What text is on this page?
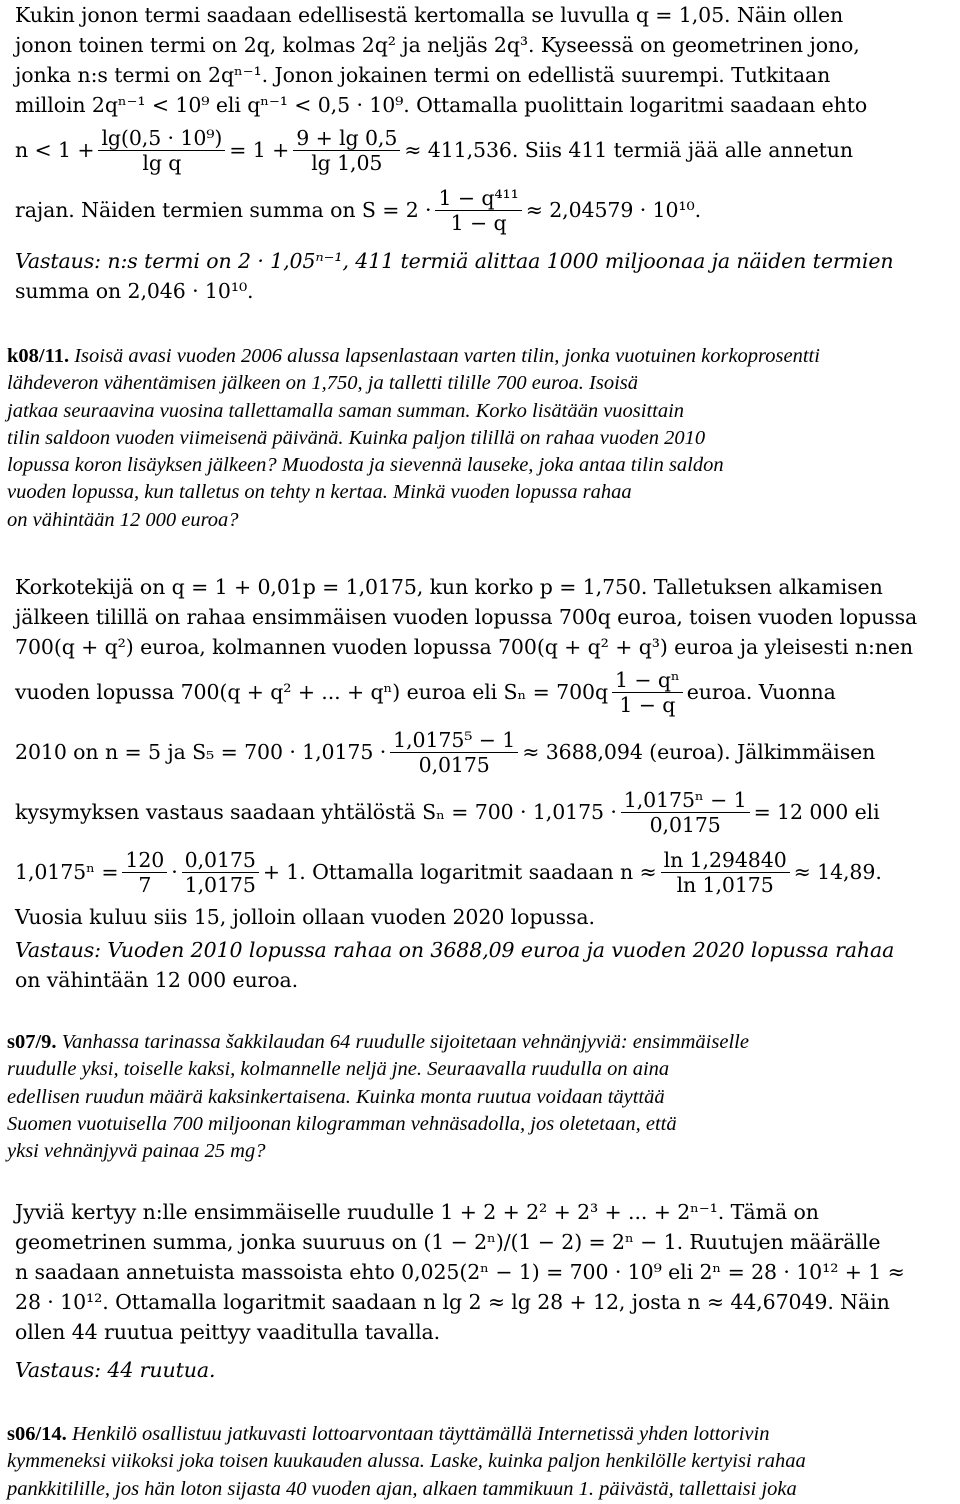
Kukin jonon termi saadaan edellisestä kertomalla se luvulla q = 1,05. Näin ollen
jonon toinen termi on 2q, kolmas 2q² ja neljäs 2q³. Kyseessä on geometrinen jono,
jonka n:s termi on 2qⁿ⁻¹. Jonon jokainen termi on edellistä suurempi. Tutkitaan
milloin 2qⁿ⁻¹ < 10⁹ eli qⁿ⁻¹ < 0,5 · 10⁹. Ottamalla puolittain logaritmi saadaan ehto
$n < 1 + \frac{\text{lg(0,5 · 10⁹)}}{\text{lg q}} = 1 + \frac{9 + \lg 0,5}{\lg 1,05} \approx 411,536$. Siis 411 termiä jää alle annetun
rajan. Näiden termien summa on $S = 2 \cdot \frac{\text{1 − q⁴¹¹}}{1 - q} \approx 2,04579 \cdot 10^{10}$.
Vastaus: n:s termi on 2 · 1,05ⁿ⁻¹, 411 termiä alittaa 1000 miljoonaa ja näiden termien
summa on 2,046 · 10¹⁰.
k08/11. Isoisä avasi vuoden 2006 alussa lapsenlastaan varten tilin, jonka vuotuinen korkoprosentti
lähdeveron vähentämisen jälkeen on 1,750, ja talletti tilille 700 euroa. Isoisä
jatkaa seuraavina vuosina tallettamalla saman summan. Korko lisätään vuosittain
tilin saldoon vuoden viimeisenä päivänä. Kuinka paljon tilillä on rahaa vuoden 2010
lopussa koron lisäyksen jälkeen? Muodosta ja sievennä lauseke, joka antaa tilin saldon
vuoden lopussa, kun talletus on tehty n kertaa. Minkä vuoden lopussa rahaa
on vähintään 12 000 euroa?
Korkotekijä on q = 1 + 0,01p = 1,0175, kun korko p = 1,750. Talletuksen alkamisen
jälkeen tilillä on rahaa ensimmäisen vuoden lopussa 700q euroa, toisen vuoden lopussa
700(q + q²) euroa, kolmannen vuoden lopussa 700(q + q² + q³) euroa ja yleisesti n:nen
vuoden lopussa 700(q + q² + ... + qⁿ) euroa eli $S_n = 700q \frac{\text{1 − qⁿ}}{1 - q}$ euroa. Vuonna
2010 on n = 5 ja $S_5 = 700 \cdot 1,0175 \cdot \frac{\text{1,0175⁵ − 1}}{0,0175} \approx 3688,094$ (euroa). Jälkimmäisen
kysymyksen vastaus saadaan yhtälöstä $S_n = 700 \cdot 1,0175 \cdot \frac{\text{1,0175ⁿ − 1}}{0,0175} = 12$ 000 eli
$1,0175^n = \frac{120}{7} \cdot \frac{0,0175}{1,0175} + 1$. Ottamalla logaritmit saadaan $n \approx \frac{\ln 1,294840}{\ln 1,0175} \approx 14,89$.
Vuosia kuluu siis 15, jolloin ollaan vuoden 2020 lopussa.
Vastaus: Vuoden 2010 lopussa rahaa on 3688,09 euroa ja vuoden 2020 lopussa rahaa
on vähintään 12 000 euroa.
s07/9. Vanhassa tarinassa šakkilaudan 64 ruudulle sijoitetaan vehnänjyviä: ensimmäiselle
ruudulle yksi, toiselle kaksi, kolmannelle neljä jne. Seuraavalla ruudulla on aina
edellisen ruudun määrä kaksinkertaisena. Kuinka monta ruutua voidaan täyttää
Suomen vuotuisella 700 miljoonan kilogramman vehnäsadolla, jos oletetaan, että
yksi vehnänjyvä painaa 25 mg?
Jyviä kertyy n:lle ensimmäiselle ruudulle 1 + 2 + 2² + 2³ + ... + 2ⁿ⁻¹. Tämä on
geometrinen summa, jonka suuruus on (1 − 2ⁿ)/(1 − 2) = 2ⁿ − 1. Ruutujen määrälle
n saadaan annetuista massoista ehto 0,025(2ⁿ − 1) = 700 · 10⁹ eli 2ⁿ = 28 · 10¹² + 1 ≈
28 · 10¹². Ottamalla logaritmit saadaan n lg 2 ≈ lg 28 + 12, josta n ≈ 44,67049. Näin
ollen 44 ruutua peittyy vaaditulla tavalla.
Vastaus: 44 ruutua.
s06/14. Henkilö osallistuu jatkuvasti lottoarvontaan täyttämällä Internetissä yhden lottorivin
kymmeneksi viikoksi joka toisen kuukauden alussa. Laske, kuinka paljon henkilölle kertyisi rahaa
pankkitilille, jos hän loton sijasta 40 vuoden ajan, alkaen tammikuun 1. päivästä, tallettaisi joka
